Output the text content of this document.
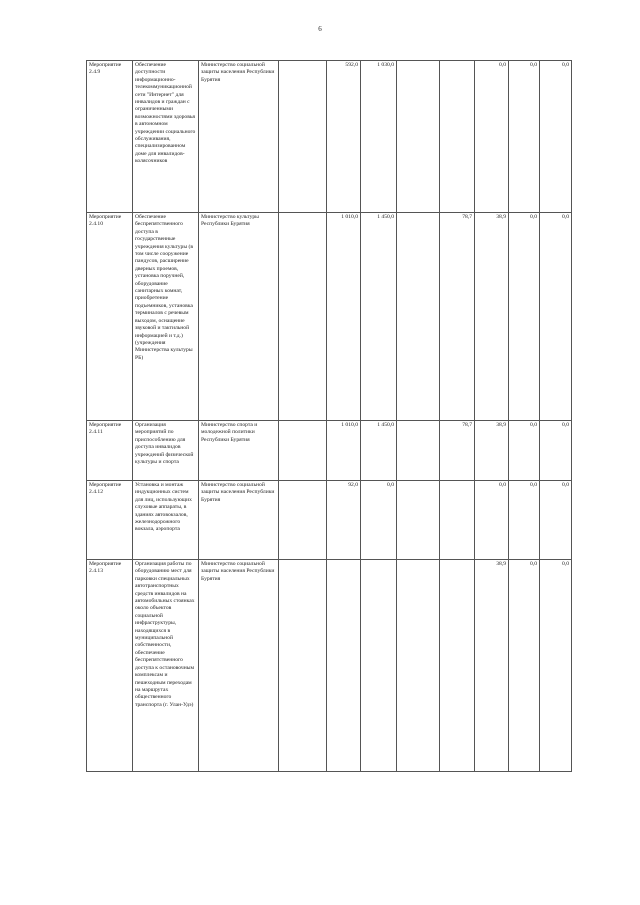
6
Мероприятие 2.4.9	Обеспечение доступности информационно-телекоммуникационной сети "Интернет" для инвалидов и граждан с ограниченными возможностями здоровья в автономном учреждении социального обслуживания, специализированном доме для инвалидов-колясочников	Министерство социальной защиты населения Республики Бурятия		592,0	1 030,0			0,0	0,0	0,0
Мероприятие 2.4.10	Обеспечение беспрепятственного доступа в государственные учреждения культуры (в том числе сооружение пандусов, расширение дверных проемов, установка поручней, оборудование санитарных комнат, приобретение подъемников, установка терминалов с речевым выходом, оснащение звуковой и тактильной информацией и т.д.) (учреждения Министерства культуры РБ)	Министерство культуры Республики Бурятия		1 010,0	1 450,0		78,7	38,9	0,0	0,0
Мероприятие 2.4.11	Организация мероприятий по приспособлению для доступа инвалидов учреждений физической культуры и спорта	Министерство спорта и молодежной политики Республики Бурятия		1 010,0	1 450,0		78,7	38,9	0,0	0,0
Мероприятие 2.4.12	Установка и монтаж индукционных систем для лиц, использующих слуховые аппараты, в зданиях автовокзалов, железнодорожного вокзала, аэропорта	Министерство социальной защиты населения Республики Бурятия		92,0	0,0			0,0	0,0	0,0
Мероприятие 2.4.13	Организация работы по оборудованию мест для парковки специальных автотранспортных средств инвалидов на автомобильных стоянках около объектов социальной инфраструктуры, находящихся в муниципальной собственности, обеспечение беспрепятственного доступа к остановочным комплексам и пешеходным переходам на маршрутах общественного транспорта (г. Улан-Удэ)	Министерство социальной защиты населения Республики Бурятия						38,9	0,0	0,0
